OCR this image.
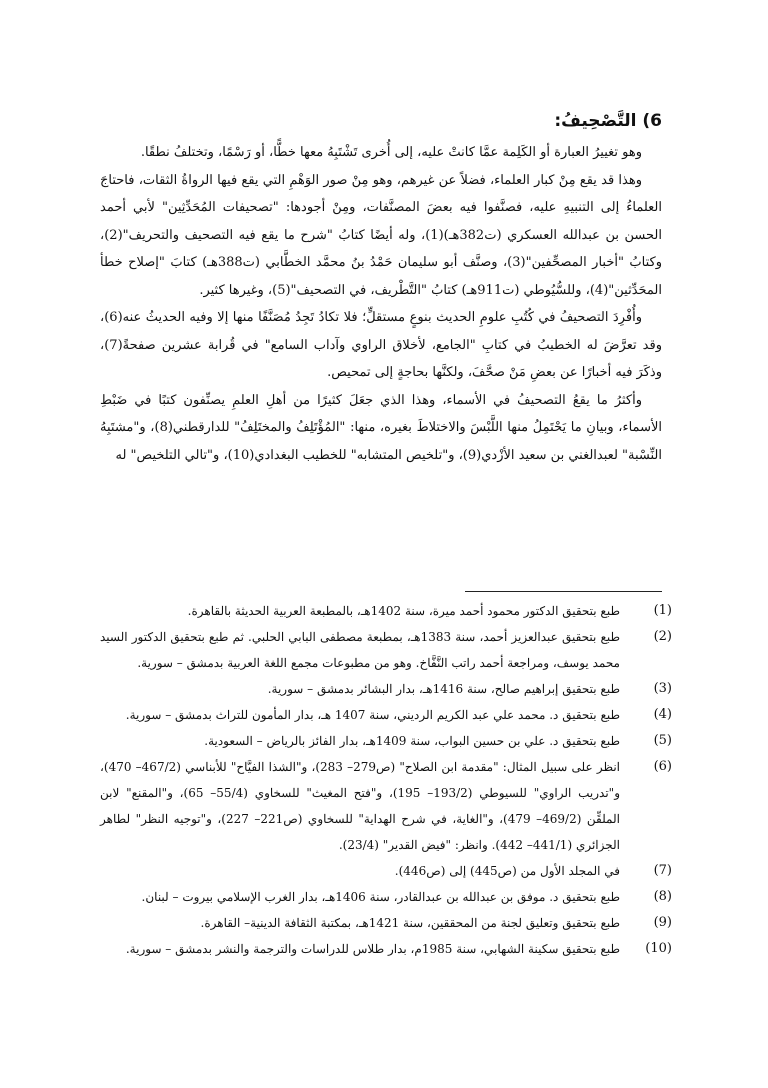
6) التَّصْحِيفُ:

وهو تغييرُ العبارة أو الكَلِمة عمَّا كانتْ عليه، إلى أُخرى تَشْتَبِهُ معها خطًّا، أو رَسْمًا، وتختلفُ نطقًا.

وهذا قد يقع مِنْ كبار العلماء، فضلاً عن غيرهم، وهو مِنْ صور الوَهْمِ التي يقع فيها الرواةُ الثقات، فاحتاجَ العلماءُ إلى التنبيهِ عليه، فصنَّفوا فيه بعضَ المصنَّفات، ومِنْ أجودها: "تصحيفات المُحَدِّثِين" لأبي أحمد الحسن بن عبدالله العسكري (ت382هـ)(1)، وله أيضًا كتابُ "شرح ما يقع فيه التصحيف والتحريف"(2)، وكتابُ "أخبار المصحِّفين"(3)، وصنَّف أبو سليمان حَمْدُ بنُ محمَّد الخطَّابي (ت388هـ) كتابَ "إصلاح خطأ المحَدِّثين"(4)، وللسُّيُوطي (ت911هـ) كتابُ "التَّطْريف، في التصحيف"(5)، وغيرها كثير.

وأُفْرِدَ التصحيفُ في كُتُبِ علومِ الحديث بنوعٍ مستقلٍّ؛ فلا تكادُ تَجِدُ مُصَنَّفًا منها إلا وفيه الحديثُ عنه(6)، وقد تعرَّضَ له الخطيبُ في كتابِ "الجامع، لأخلاق الراوي وآداب السامع" في قُرابة عشرين صفحةً(7)، وذكَرَ فيه أخبارًا عن بعضِ مَنْ صحَّفَ، ولكنَّها بحاجةٍ إلى تمحيص.

وأكثرُ ما يقعُ التصحيفُ في الأسماء، وهذا الذي جعَلَ كثيرًا من أهلِ العلمِ يصنِّفون كتبًا في ضَبْطِ الأسماء، وبيانِ ما يَحْتَمِلُ منها اللَّبْسَ والاختلاطَ بغيره، منها: "المُؤْتَلِفُ والمختَلِفُ" للدارقطني(8)، و"مشتَبِهُ النِّسْبة" لعبدالغني بن سعيد الأزْدي(9)، و"تلخيص المتشابه" للخطيب البغدادي(10)، و"تالي التلخيص" له

(1)
طبع بتحقيق الدكتور محمود أحمد ميرة، سنة 1402هـ، بالمطبعة العربية الحديثة بالقاهرة.
(2)
طبع بتحقيق عبدالعزيز أحمد، سنة 1383هـ، بمطبعة مصطفى البابي الحلبي. ثم طبع بتحقيق الدكتور السيد محمد يوسف، ومراجعة أحمد راتب النَّفَّاخ. وهو من مطبوعات مجمع اللغة العربية بدمشق – سورية.
(3)
طبع بتحقيق إبراهيم صالح، سنة 1416هـ، بدار البشائر بدمشق – سورية.
(4)
طبع بتحقيق د. محمد علي عبد الكريم الرديني، سنة 1407 هـ، بدار المأمون للتراث بدمشق – سورية.
(5)
طبع بتحقيق د. علي بن حسين البواب، سنة 1409هـ، بدار الفائز بالرياض – السعودية.
(6)
انظر على سبيل المثال: "مقدمة ابن الصلاح" (ص279– 283)، و"الشذا الفيَّاح" للأبناسي (467/2– 470)، و"تدريب الراوي" للسيوطي (193/2– 195)، و"فتح المغيث" للسخاوي (55/4– 65)، و"المقنع" لابن الملقِّن (469/2– 479)، و"الغاية، في شرح الهداية" للسخاوي (ص221– 227)، و"توجيه النظر" لطاهر الجزائري (441/1– 442). وانظر: "فيض القدير" (23/4).
(7)
في المجلد الأول من (ص445) إلى (ص446).
(8)
طبع بتحقيق د. موفق بن عبدالله بن عبدالقادر، سنة 1406هـ، بدار الغرب الإسلامي بيروت – لبنان.
(9)
طبع بتحقيق وتعليق لجنة من المحققين، سنة 1421هـ، بمكتبة الثقافة الدينية– القاهرة.
(10)
طبع بتحقيق سكينة الشهابي، سنة 1985م، بدار طلاس للدراسات والترجمة والنشر بدمشق – سورية.
